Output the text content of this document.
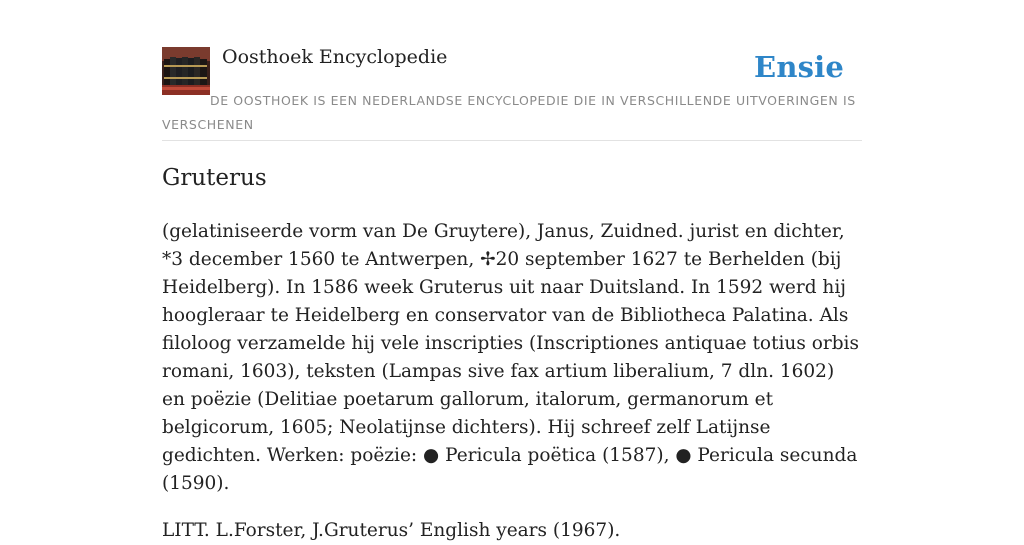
Oosthoek Encyclopedie	Ensie

DE OOSTHOEK IS EEN NEDERLANDSE ENCYCLOPEDIE DIE IN VERSCHILLENDE UITVOERINGEN IS VERSCHENEN

Gruterus

(gelatiniseerde vorm van De Gruytere), Janus, Zuidned. jurist en dichter, *3 december 1560 te Antwerpen, ✢20 september 1627 te Berhelden (bij Heidelberg). In 1586 week Gruterus uit naar Duitsland. In 1592 werd hij hoogleraar te Heidelberg en conservator van de Bibliotheca Palatina. Als filoloog verzamelde hij vele inscripties (Inscriptiones antiquae totius orbis romani, 1603), teksten (Lampas sive fax artium liberalium, 7 dln. 1602) en poëzie (Delitiae poetarum gallorum, italorum, germanorum et belgicorum, 1605; Neolatijnse dichters). Hij schreef zelf Latijnse gedichten. Werken: poëzie: ● Pericula poëtica (1587), ● Pericula secunda (1590).

LITT. L.Forster, J.Gruterus’ English years (1967).
